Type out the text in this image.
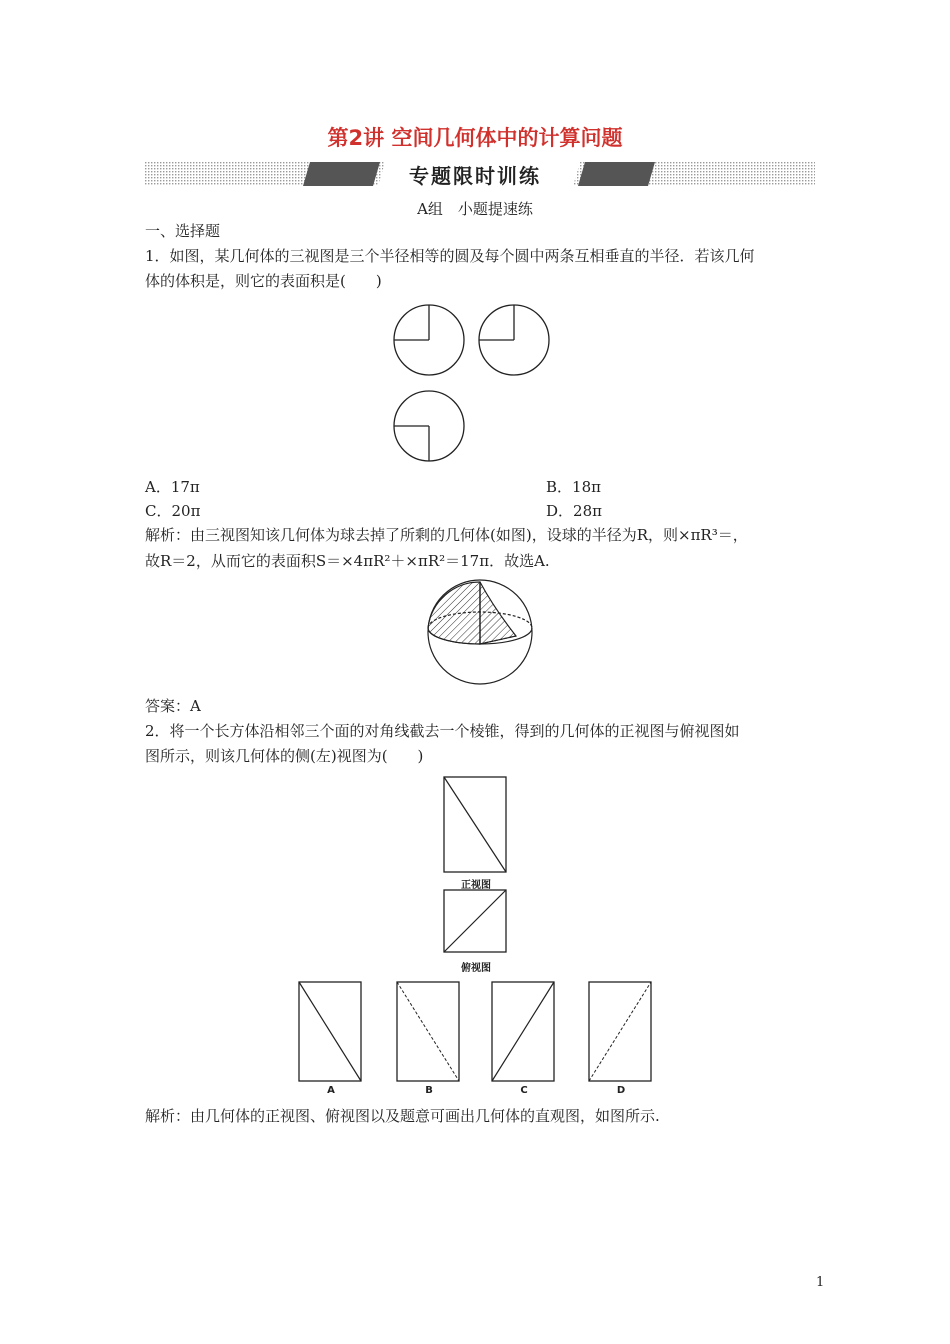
第2讲 空间几何体中的计算问题
专题限时训练
A组　小题提速练
一、选择题
1．如图，某几何体的三视图是三个半径相等的圆及每个圆中两条互相垂直的半径．若该几何
体的体积是，则它的表面积是(　　)
A．17π	B．18π
C．20π	D．28π
解析：由三视图知该几何体为球去掉了所剩的几何体(如图)，设球的半径为R，则×πR³＝，
故R＝2，从而它的表面积S＝×4πR²＋×πR²＝17π．故选A.
答案：A
2．将一个长方体沿相邻三个面的对角线截去一个棱锥，得到的几何体的正视图与俯视图如
图所示，则该几何体的侧(左)视图为(　　)
正视图
俯视图
A	B	C	D
解析：由几何体的正视图、俯视图以及题意可画出几何体的直观图，如图所示.
1
